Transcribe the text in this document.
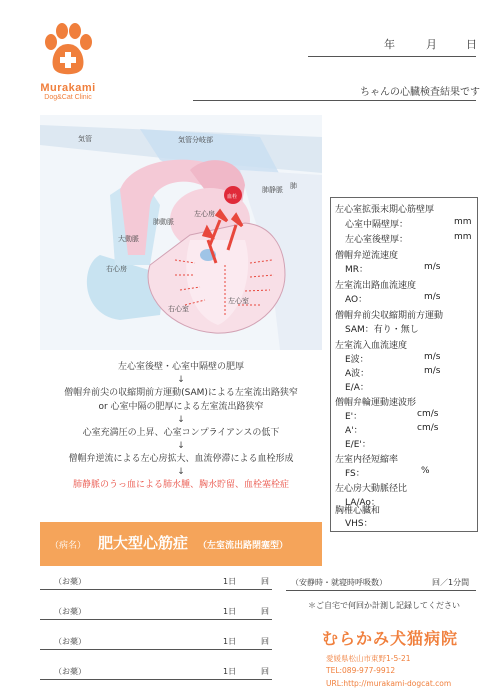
Murakami
Dog&Cat Clinic
年	月	日
ちゃんの心臓検査結果です
気管	気管分岐部
肺静脈
血栓
肺
肺動脈
左心房
大動脈
右心房
左心室
右心室
左心室後壁・心室中隔壁の肥厚
↓
僧帽弁前尖の収縮期前方運動(SAM)による左室流出路狭窄
or 心室中隔の肥厚による左室流出路狭窄
↓
心室充満圧の上昇、心室コンプライアンスの低下
↓
僧帽弁逆流による左心房拡大、血流停滞による血栓形成
↓
肺静脈のうっ血による肺水腫、胸水貯留、血栓塞栓症
（病名） 肥大型心筋症 （左室流出路閉塞型）
左心室拡張末期心筋壁厚
心室中隔壁厚：	mm
左心室後壁厚：	mm
僧帽弁逆流速度
MR：	m/s
左室流出路血流速度
AO：	m/s
僧帽弁前尖収縮期前方運動
SAM：有り・無し
左室流入血流速度
E波：	m/s
A波：	m/s
E/A：
僧帽弁輪運動速波形
E'：	cm/s
A'：	cm/s
E/E'：
左室内径短縮率
FS：	%
左心房大動脈径比
LA/Ao：
胸椎心臓和
VHS：
（お薬）	1日	回
（お薬）	1日	回
（お薬）	1日	回
（お薬）	1日	回
（安静時・就寝時呼吸数）	回／1分間
＊ご自宅で何回か計測し記録してください
むらかみ犬猫病院
愛媛県松山市東野1-5-21
TEL:089-977-9912
URL:http://murakami-dogcat.com
